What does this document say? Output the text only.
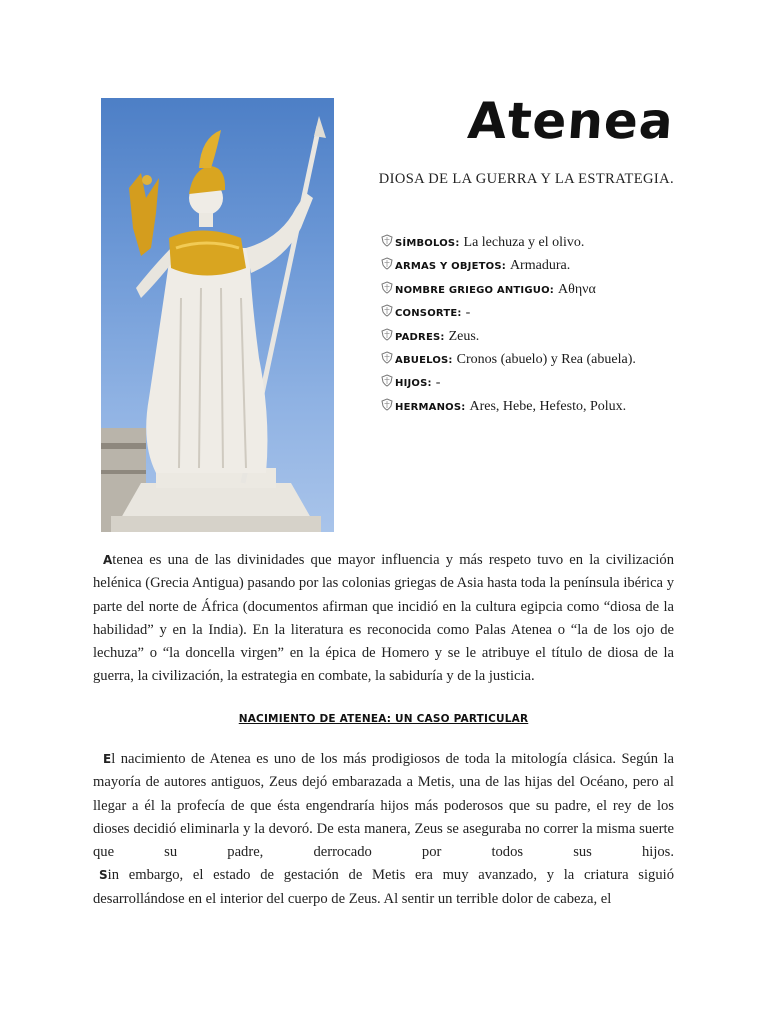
Atenea
DIOSA DE LA GUERRA Y LA ESTRATEGIA.
SÍMBOLOS: La lechuza y el olivo.
ARMAS Y OBJETOS: Armadura.
NOMBRE GRIEGO ANTIGUO: Αθηνα
CONSORTE: -
PADRES: Zeus.
ABUELOS: Cronos (abuelo) y Rea (abuela).
HIJOS: -
HERMANOS: Ares, Hebe, Hefesto, Polux.
Atenea es una de las divinidades que mayor influencia y más respeto tuvo en la civilización helénica (Grecia Antigua) pasando por las colonias griegas de Asia hasta toda la península ibérica y parte del norte de África (documentos afirman que incidió en la cultura egipcia como “diosa de la habilidad” y en la India). En la literatura es reconocida como Palas Atenea o “la de los ojo de lechuza” o “la doncella virgen” en la épica de Homero y se le atribuye el título de diosa de la guerra, la civilización, la estrategia en combate, la sabiduría y de la justicia.
NACIMIENTO DE ATENEA: UN CASO PARTICULAR
El nacimiento de Atenea es uno de los más prodigiosos de toda la mitología clásica. Según la mayoría de autores antiguos, Zeus dejó embarazada a Metis, una de las hijas del Océano, pero al llegar a él la profecía de que ésta engendraría hijos más poderosos que su padre, el rey de los dioses decidió eliminarla y la devoró. De esta manera, Zeus se aseguraba no correr la misma suerte que su padre, derrocado por todos sus hijos.
Sin embargo, el estado de gestación de Metis era muy avanzado, y la criatura siguió desarrollándose en el interior del cuerpo de Zeus. Al sentir un terrible dolor de cabeza, el
